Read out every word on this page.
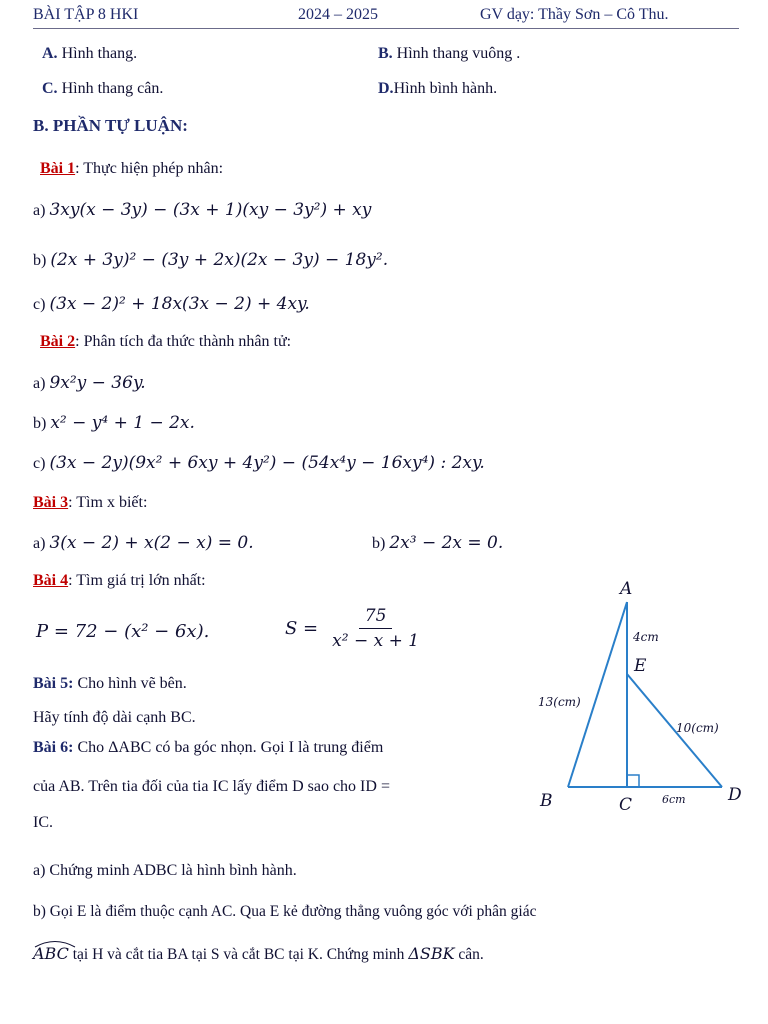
BÀI TẬP 8 HKI	2024 – 2025	GV dạy: Thầy Sơn – Cô Thu.
A. Hình thang.	B. Hình thang vuông .
C. Hình thang cân.	D.Hình bình hành.
B. PHẦN TỰ LUẬN:
Bài 1: Thực hiện phép nhân:
a) 3xy(x − 3y) − (3x + 1)(xy − 3y²) + xy
b) (2x + 3y)² − (3y + 2x)(2x − 3y) − 18y².
c) (3x − 2)² + 18x(3x − 2) + 4xy.
Bài 2: Phân tích đa thức thành nhân tử:
a) 9x²y − 36y.
b) x² − y⁴ + 1 − 2x.
c) (3x − 2y)(9x² + 6xy + 4y²) − (54x⁴y − 16xy⁴) : 2xy.
Bài 3: Tìm x biết:
a) 3(x − 2) + x(2 − x) = 0.	b) 2x³ − 2x = 0.
Bài 4: Tìm giá trị lớn nhất:
P = 72 − (x² − 6x).	$S = \frac{75}{\text{x² − x + 1}}$
Bài 5: Cho hình vẽ bên.
Hãy tính độ dài cạnh BC.
Bài 6: Cho ΔABC có ba góc nhọn. Gọi I là trung điểm
của AB. Trên tia đối của tia IC lấy điểm D sao cho ID =
IC.
a) Chứng minh ADBC là hình bình hành.
b) Gọi E là điểm thuộc cạnh AC. Qua E kẻ đường thẳng vuông góc với phân giác
ABC tại H và cắt tia BA tại S và cắt BC tại K. Chứng minh ΔSBK cân.
A
E
B	C	D
4cm
13(cm)
10(cm)
6cm
